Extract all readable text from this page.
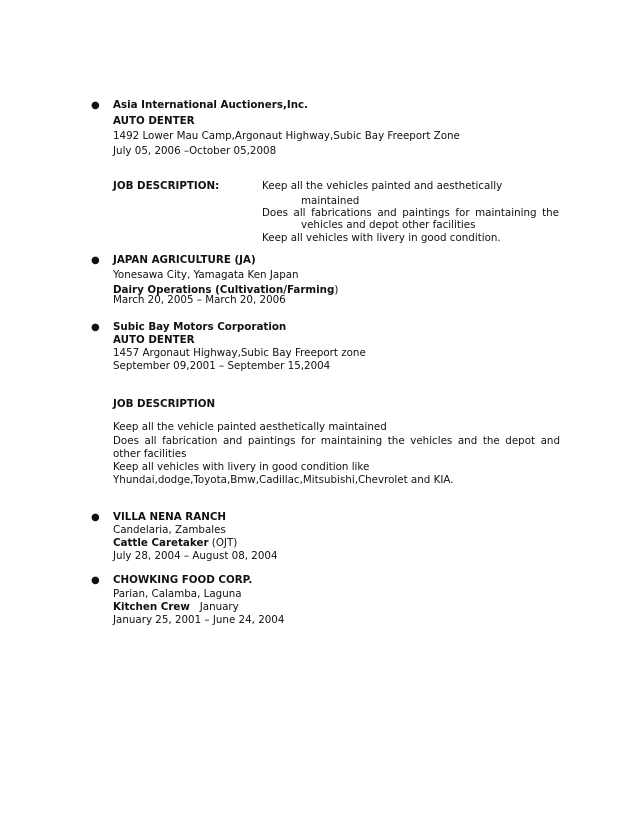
● Asia International Auctioners,Inc.
AUTO DENTER
1492 Lower Mau Camp,Argonaut Highway,Subic Bay Freeport Zone
July 05, 2006 –October 05,2008
JOB DESCRIPTION:	Keep all the vehicles painted and aesthetically
maintained
Does all fabrications and paintings for maintaining the
vehicles and depot other facilities
Keep all vehicles with livery in good condition.
● JAPAN AGRICULTURE (JA)
Yonesawa City, Yamagata Ken Japan
Dairy Operations (Cultivation/Farming)
March 20, 2005 – March 20, 2006
● Subic Bay Motors Corporation
AUTO DENTER
1457 Argonaut Highway,Subic Bay Freeport zone
September 09,2001 – September 15,2004
JOB DESCRIPTION
Keep all the vehicle painted aesthetically maintained
Does all fabrication and paintings for maintaining the vehicles and the depot and
other facilities
Keep all vehicles with livery in good condition like
Yhundai,dodge,Toyota,Bmw,Cadillac,Mitsubishi,Chevrolet and KIA.
● VILLA NENA RANCH
Candelaria, Zambales
Cattle Caretaker (OJT)
July 28, 2004 – August 08, 2004
● CHOWKING FOOD CORP.
Parian, Calamba, Laguna
Kitchen Crew   January
January 25, 2001 – June 24, 2004
